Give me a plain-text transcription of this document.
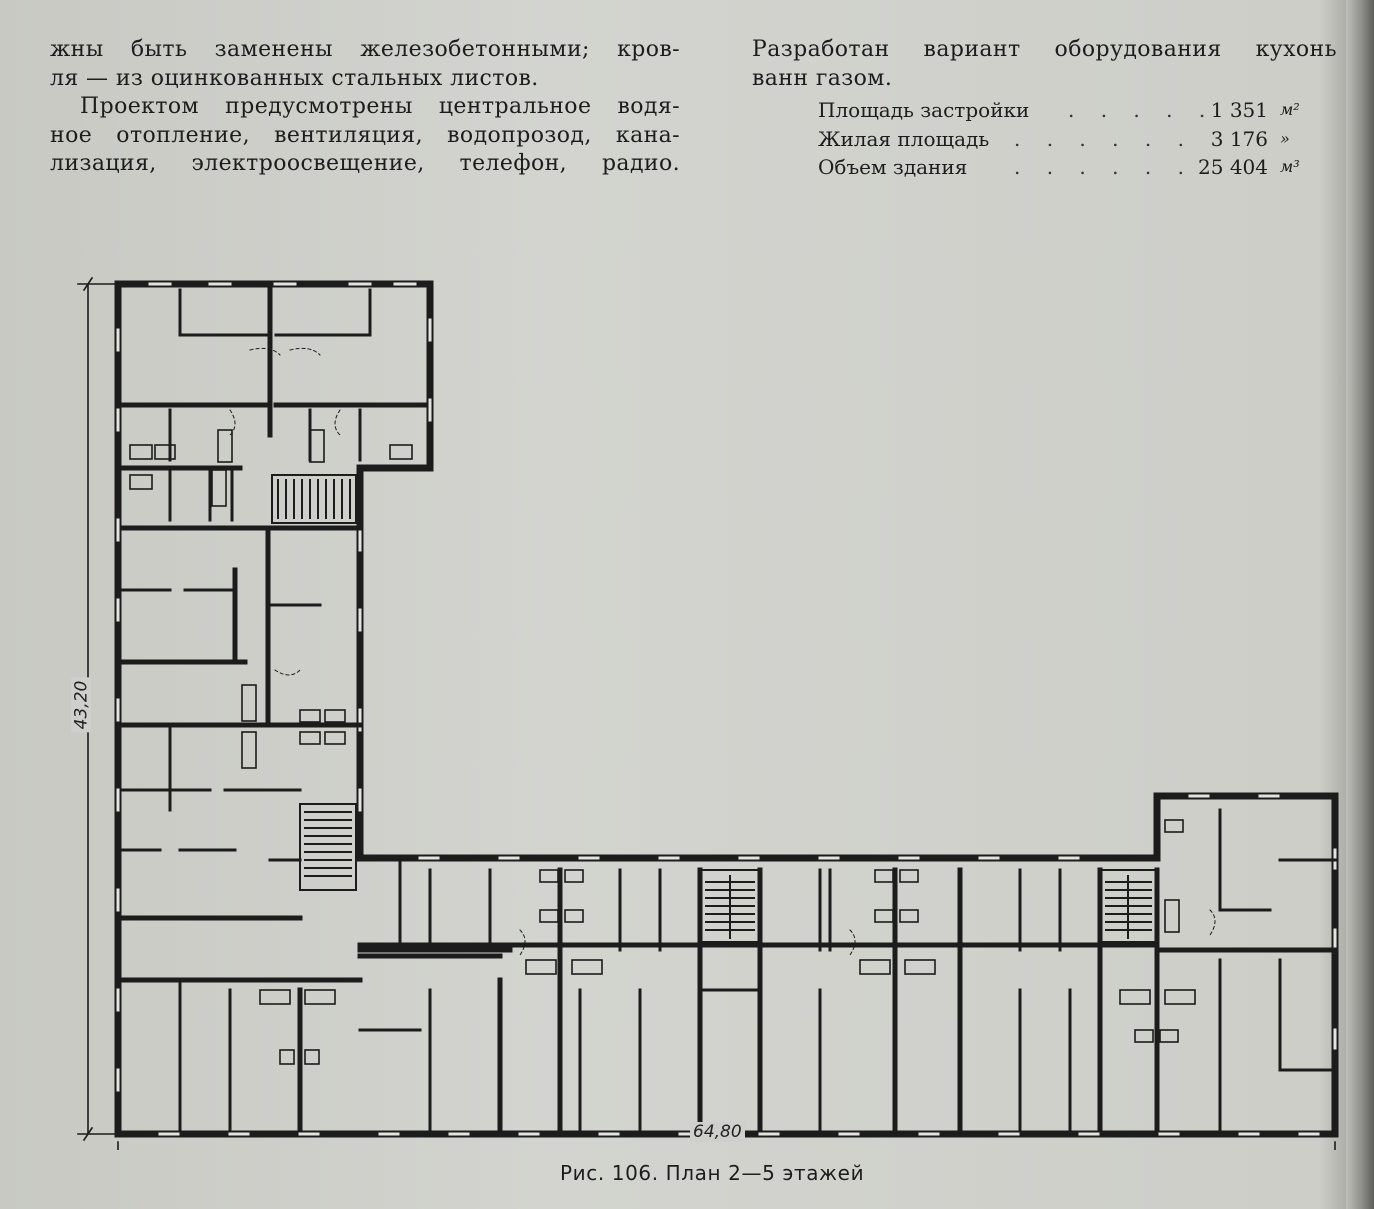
жны быть заменены железобетонными; кров-

ля — из оцинкованных стальных листов.

Проектом предусмотрены центральное водя-

ное отопление, вентиляция, водопрозод, кана-

лизация, электроосвещение, телефон, радио.

Разработан вариант оборудования кухонь

ванн газом.

Площадь застройки . . . . .
1 351 м²
Жилая площадь . . . . . . 3 176 »
Объем здания . . . . . . 25 404 м³
43,20
64,80
Рис. 106. План 2—5 этажей
